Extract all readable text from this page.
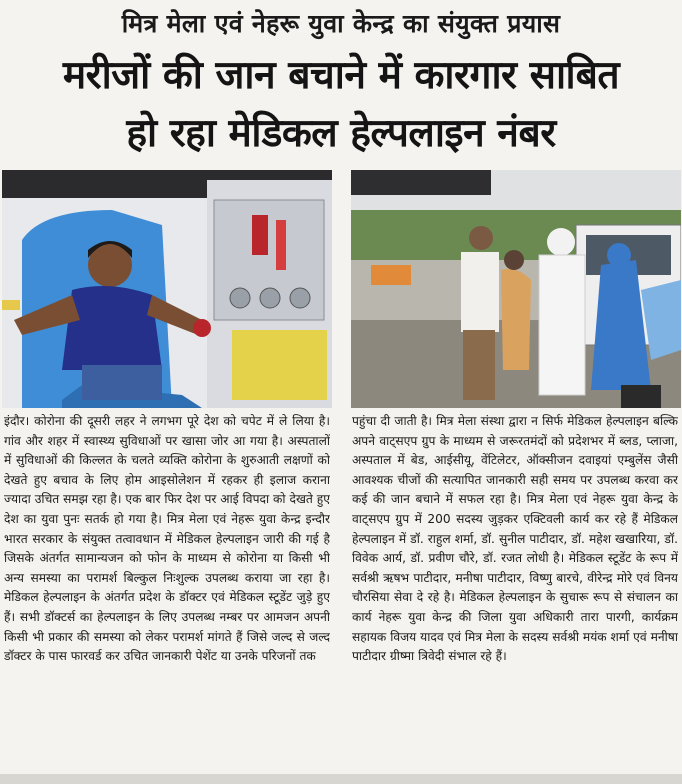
मित्र मेला एवं नेहरू युवा केन्द्र का संयुक्त प्रयास
मरीजों की जान बचाने में कारगार साबित
हो रहा मेडिकल हेल्पलाइन नंबर
इंदौर। कोरोना की दूसरी लहर ने लगभग पूरे देश को चपेट में ले लिया है। गांव और शहर में स्वास्थ्य सुविधाओं पर खासा जोर आ गया है। अस्पतालों में सुविधाओं की किल्लत के चलते व्यक्ति कोरोना के शुरुआती लक्षणों को देखते हुए बचाव के लिए होम आइसोलेशन में रहकर ही इलाज कराना ज्यादा उचित समझ रहा है। एक बार फिर देश पर आई विपदा को देखते हुए देश का युवा पुनः सतर्क हो गया है। मित्र मेला एवं नेहरू युवा केन्द्र इन्दौर भारत सरकार के संयुक्त तत्वावधान में मेडिकल हेल्पलाइन जारी की गई है जिसके अंतर्गत सामान्यजन को फोन के माध्यम से कोरोना या किसी भी अन्य समस्या का परामर्श बिल्कुल निःशुल्क उपलब्ध कराया जा रहा है। मेडिकल हेल्पलाइन के अंतर्गत प्रदेश के डॉक्टर एवं मेडिकल स्टूडेंट जुड़े हुए हैं। सभी डॉक्टर्स का हेल्पलाइन के लिए उपलब्ध नम्बर पर आमजन अपनी किसी भी प्रकार की समस्या को लेकर परामर्श मांगते हैं जिसे जल्द से जल्द डॉक्टर के पास फारवर्ड कर उचित जानकारी पेशेंट या उनके परिजनों तक
पहुंचा दी जाती है। मित्र मेला संस्था द्वारा न सिर्फ मेडिकल हेल्पलाइन बल्कि अपने वाट्सएप ग्रुप के माध्यम से जरूरतमंदों को प्रदेशभर में ब्लड, प्लाजा, अस्पताल में बेड, आईसीयू, वेंटिलेटर, ऑक्सीजन दवाइयां एम्बुलेंस जैसी आवश्यक चीजों की सत्यापित जानकारी सही समय पर उपलब्ध करवा कर कई की जान बचाने में सफल रहा है। मित्र मेला एवं नेहरू युवा केन्द्र के वाट्सएप ग्रुप में 200 सदस्य जुड़कर एक्टिवली कार्य कर रहे हैं मेडिकल हेल्पलाइन में डॉ. राहुल शर्मा, डॉ. सुनील पाटीदार, डॉ. महेश खखारिया, डॉ. विवेक आर्य, डॉ. प्रवीण चौरे, डॉ. रजत लोधी है। मेडिकल स्टूडेंट के रूप में सर्वश्री ऋषभ पाटीदार, मनीषा पाटीदार, विष्णु बारचे, वीरेन्द्र मोरे एवं विनय चौरसिया सेवा दे रहे है। मेडिकल हेल्पलाइन के सुचारू रूप से संचालन का कार्य नेहरू युवा केन्द्र की जिला युवा अधिकारी तारा पारगी, कार्यक्रम सहायक विजय यादव एवं मित्र मेला के सदस्य सर्वश्री मयंक शर्मा एवं मनीषा पाटीदार ग्रीष्मा त्रिवेदी संभाल रहे हैं।
